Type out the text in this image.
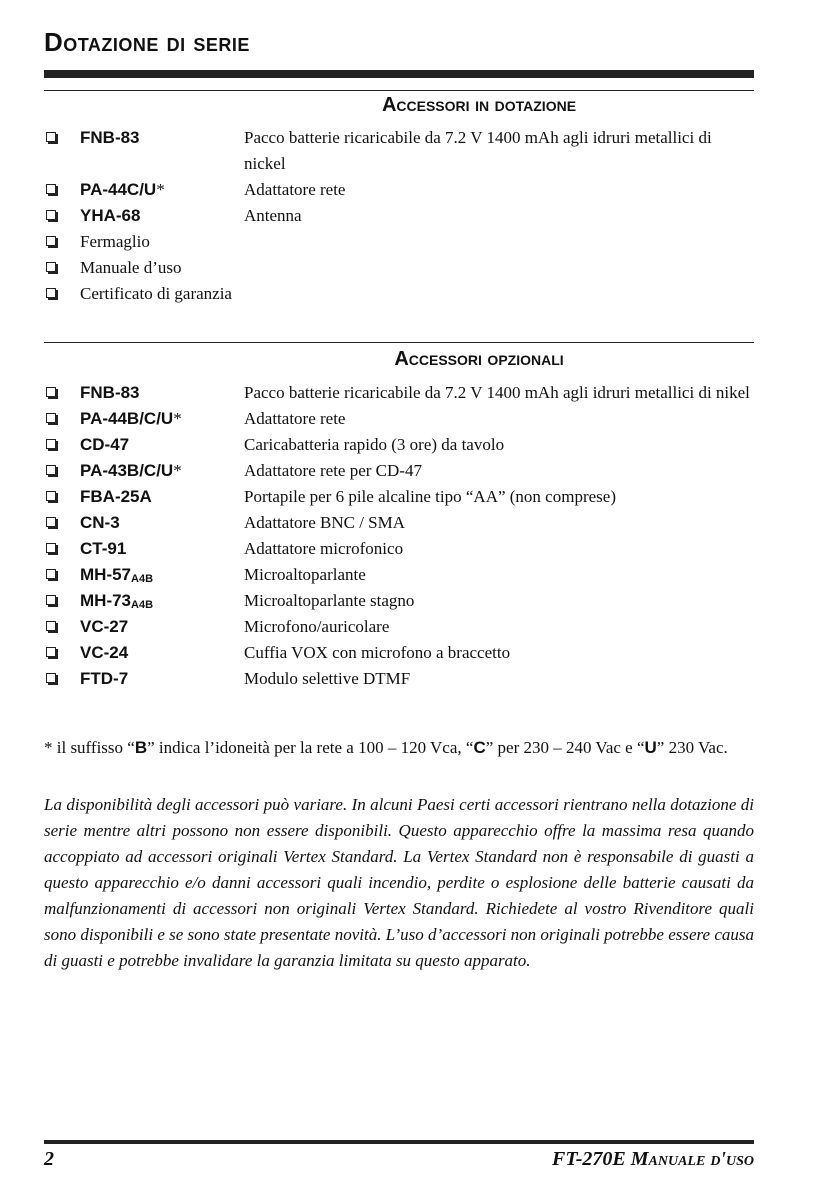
Dotazione di serie
Accessori in dotazione
FNB-83	Pacco batterie ricaricabile da 7.2 V 1400 mAh agli idruri metallici di nickel
PA-44C/U*	Adattatore rete
YHA-68	Antenna
Fermaglio
Manuale d’uso
Certificato di garanzia
Accessori opzionali
FNB-83	Pacco batterie ricaricabile da 7.2 V 1400 mAh agli idruri metallici di nikel
PA-44B/C/U*	Adattatore rete
CD-47	Caricabatteria rapido (3 ore) da tavolo
PA-43B/C/U*	Adattatore rete per CD-47
FBA-25A	Portapile per 6 pile alcaline tipo “AA” (non comprese)
CN-3	Adattatore BNC / SMA
CT-91	Adattatore microfonico
$MH-57_{A4B}$	Microaltoparlante
$MH-73_{A4B}$	Microaltoparlante stagno
VC-27	Microfono/auricolare
VC-24	Cuffia VOX con microfono a braccetto
FTD-7	Modulo selettive DTMF
* il suffisso “B” indica l’idoneità per la rete a 100 – 120 Vca, “C” per 230 – 240 Vac e “U” 230 Vac.
La disponibilità degli accessori può variare. In alcuni Paesi certi accessori rientrano nella dotazione di serie mentre altri possono non essere disponibili. Questo apparecchio offre la massima resa quando accoppiato ad accessori originali Vertex Standard. La Vertex Standard non è responsabile di guasti a questo apparecchio e/o danni accessori quali incendio, perdite o esplosione delle batterie causati da malfunzionamenti di accessori non originali Vertex Standard. Richiedete al vostro Rivenditore quali sono disponibili e se sono state presentate novità. L’uso d’accessori non originali potrebbe essere causa di guasti e potrebbe invalidare la garanzia limitata su questo apparato.
2	FT-270E Manuale d'uso
